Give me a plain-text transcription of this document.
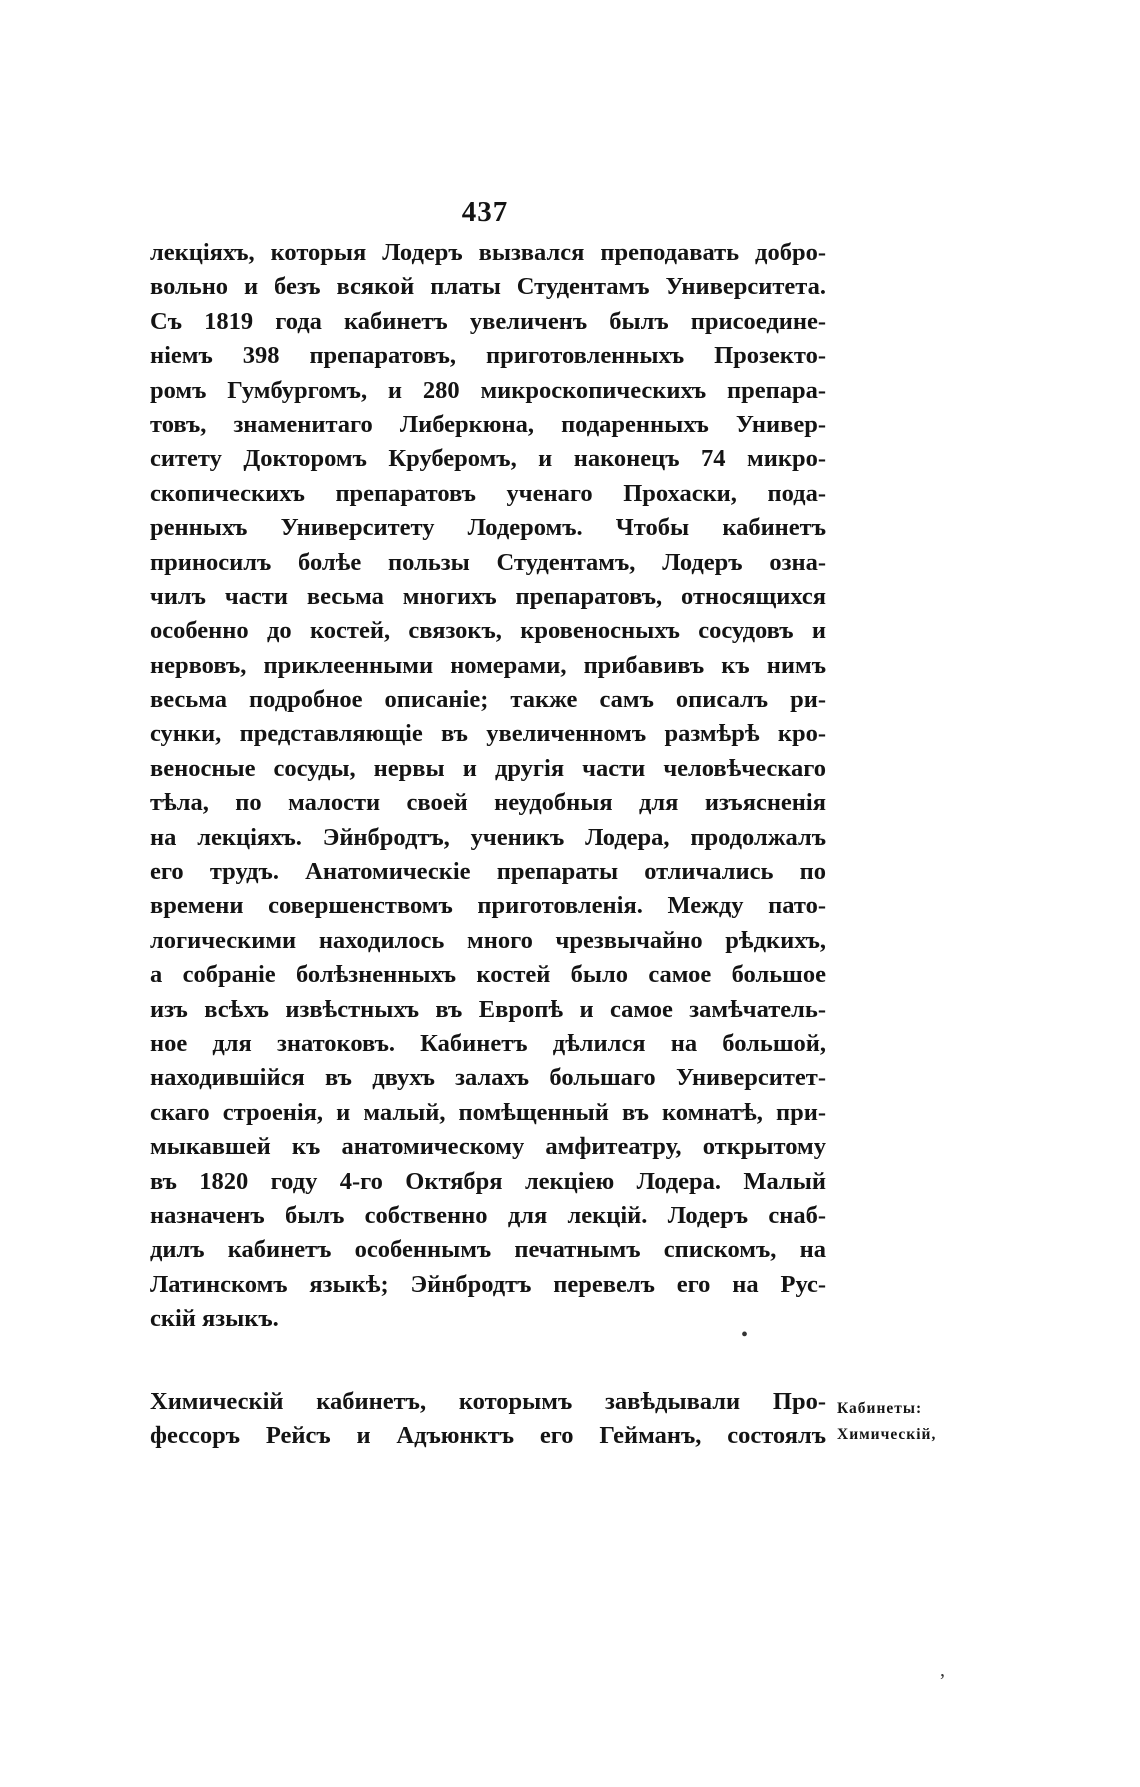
437
лекціяхъ, которыя Лодеръ вызвался преподавать добро-
вольно и безъ всякой платы Студентамъ Университета.
Съ 1819 года кабинетъ увеличенъ былъ присоедине-
ніемъ 398 препаратовъ, приготовленныхъ Прозекто-
ромъ Гумбургомъ, и 280 микроскопическихъ препара-
товъ, знаменитаго Либеркюна, подаренныхъ Универ-
ситету Докторомъ Круберомъ, и наконецъ 74 микро-
скопическихъ препаратовъ ученаго Прохаски, пода-
ренныхъ Университету Лодеромъ. Чтобы кабинетъ
приносилъ болѣе пользы Студентамъ, Лодеръ озна-
чилъ части весьма многихъ препаратовъ, относящихся
особенно до костей, связокъ, кровеносныхъ сосудовъ и
нервовъ, приклеенными номерами, прибавивъ къ нимъ
весьма подробное описаніе; также самъ описалъ ри-
сунки, представляющіе въ увеличенномъ размѣрѣ кро-
веносные сосуды, нервы и другія части человѣческаго
тѣла, по малости своей неудобныя для изъясненія
на лекціяхъ. Эйнбродтъ, ученикъ Лодера, продолжалъ
его трудъ. Анатомическіе препараты отличались по
времени совершенствомъ приготовленія. Между пато-
логическими находилось много чрезвычайно рѣдкихъ,
а собраніе болѣзненныхъ костей было самое большое
изъ всѣхъ извѣстныхъ въ Европѣ и самое замѣчатель-
ное для знатоковъ. Кабинетъ дѣлился на большой,
находившійся въ двухъ залахъ большаго Университет-
скаго строенія, и малый, помѣщенный въ комнатѣ, при-
мыкавшей къ анатомическому амфитеатру, открытому
въ 1820 году 4-го Октября лекціею Лодера. Малый
назначенъ былъ собственно для лекцій. Лодеръ снаб-
дилъ кабинетъ особеннымъ печатнымъ спискомъ, на
Латинскомъ языкѣ; Эйнбродтъ перевелъ его на Рус-
скій языкъ.
Химическій кабинетъ, которымъ завѣдывали Про-
фессоръ Рейсъ и Адъюнктъ его Гейманъ, состоялъ
Кабинеты:
Химическій,
•
,
